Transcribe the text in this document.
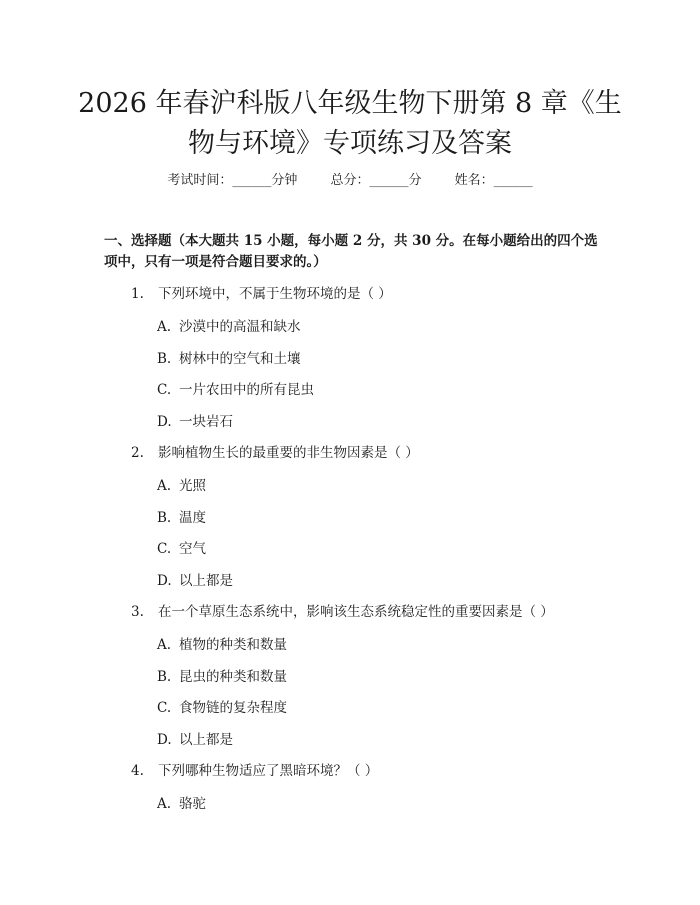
2026 年春沪科版八年级生物下册第 8 章《生
物与环境》专项练习及答案
考试时间：______分钟	总分：______分	姓名：______
一、选择题（本大题共 15 小题，每小题 2 分，共 30 分。在每小题给出的四个选项中，只有一项是符合题目要求的。）
1. 下列环境中，不属于生物环境的是（ ）
A. 沙漠中的高温和缺水
B. 树林中的空气和土壤
C. 一片农田中的所有昆虫
D. 一块岩石
2. 影响植物生长的最重要的非生物因素是（ ）
A. 光照
B. 温度
C. 空气
D. 以上都是
3. 在一个草原生态系统中，影响该生态系统稳定性的重要因素是（ ）
A. 植物的种类和数量
B. 昆虫的种类和数量
C. 食物链的复杂程度
D. 以上都是
4. 下列哪种生物适应了黑暗环境？（ ）
A. 骆驼
